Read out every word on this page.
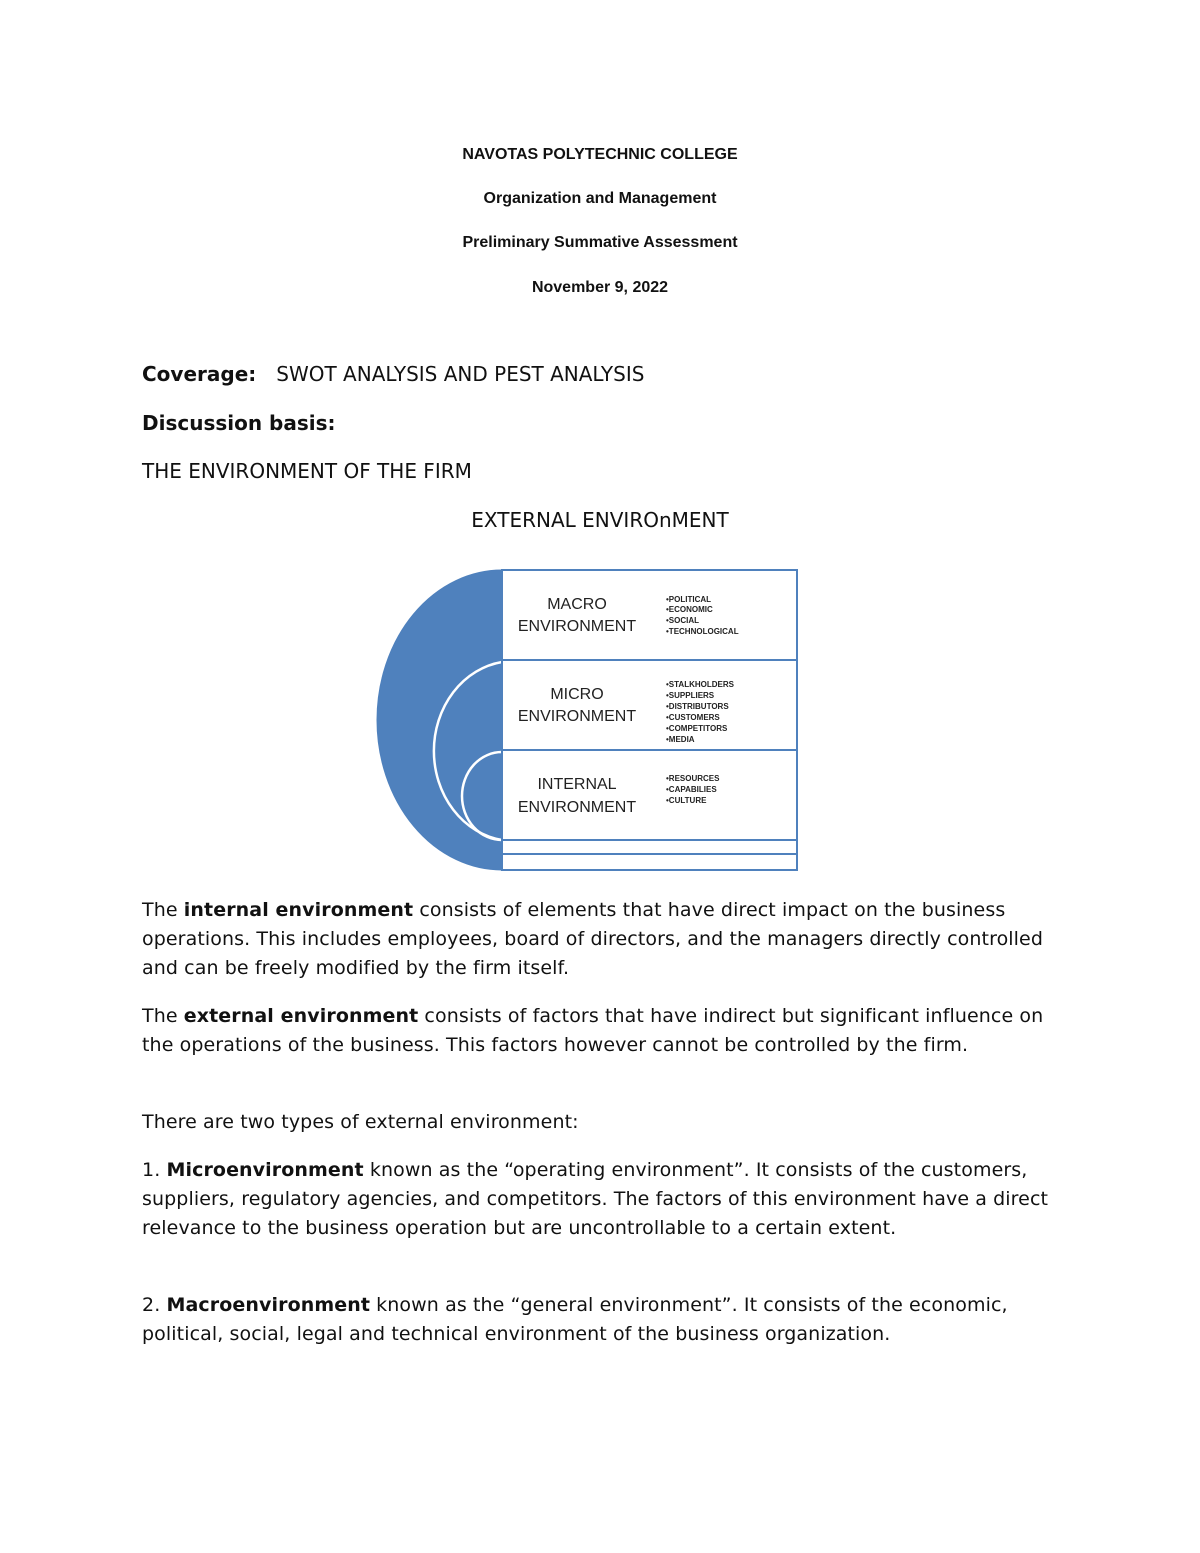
NAVOTAS POLYTECHNIC COLLEGE
Organization and Management
Preliminary Summative Assessment
November 9, 2022
Coverage: SWOT ANALYSIS AND PEST ANALYSIS
Discussion basis:
THE ENVIRONMENT OF THE FIRM
EXTERNAL ENVIROnMENT
MACRO
ENVIRONMENT
•POLITICAL
•ECONOMIC
•SOCIAL
•TECHNOLOGICAL
MICRO
ENVIRONMENT
•STALKHOLDERS
•SUPPLIERS
•DISTRIBUTORS
•CUSTOMERS
•COMPETITORS
•MEDIA
INTERNAL
ENVIRONMENT
•RESOURCES
•CAPABILIES
•CULTURE
The internal environment consists of elements that have direct impact on the business operations. This includes employees, board of directors, and the managers directly controlled and can be freely modified by the firm itself.
The external environment consists of factors that have indirect but significant influence on the operations of the business. This factors however cannot be controlled by the firm.
There are two types of external environment:
1. Microenvironment known as the “operating environment”. It consists of the customers, suppliers, regulatory agencies, and competitors. The factors of this environment have a direct relevance to the business operation but are uncontrollable to a certain extent.
2. Macroenvironment known as the “general environment”. It consists of the economic, political, social, legal and technical environment of the business organization.
